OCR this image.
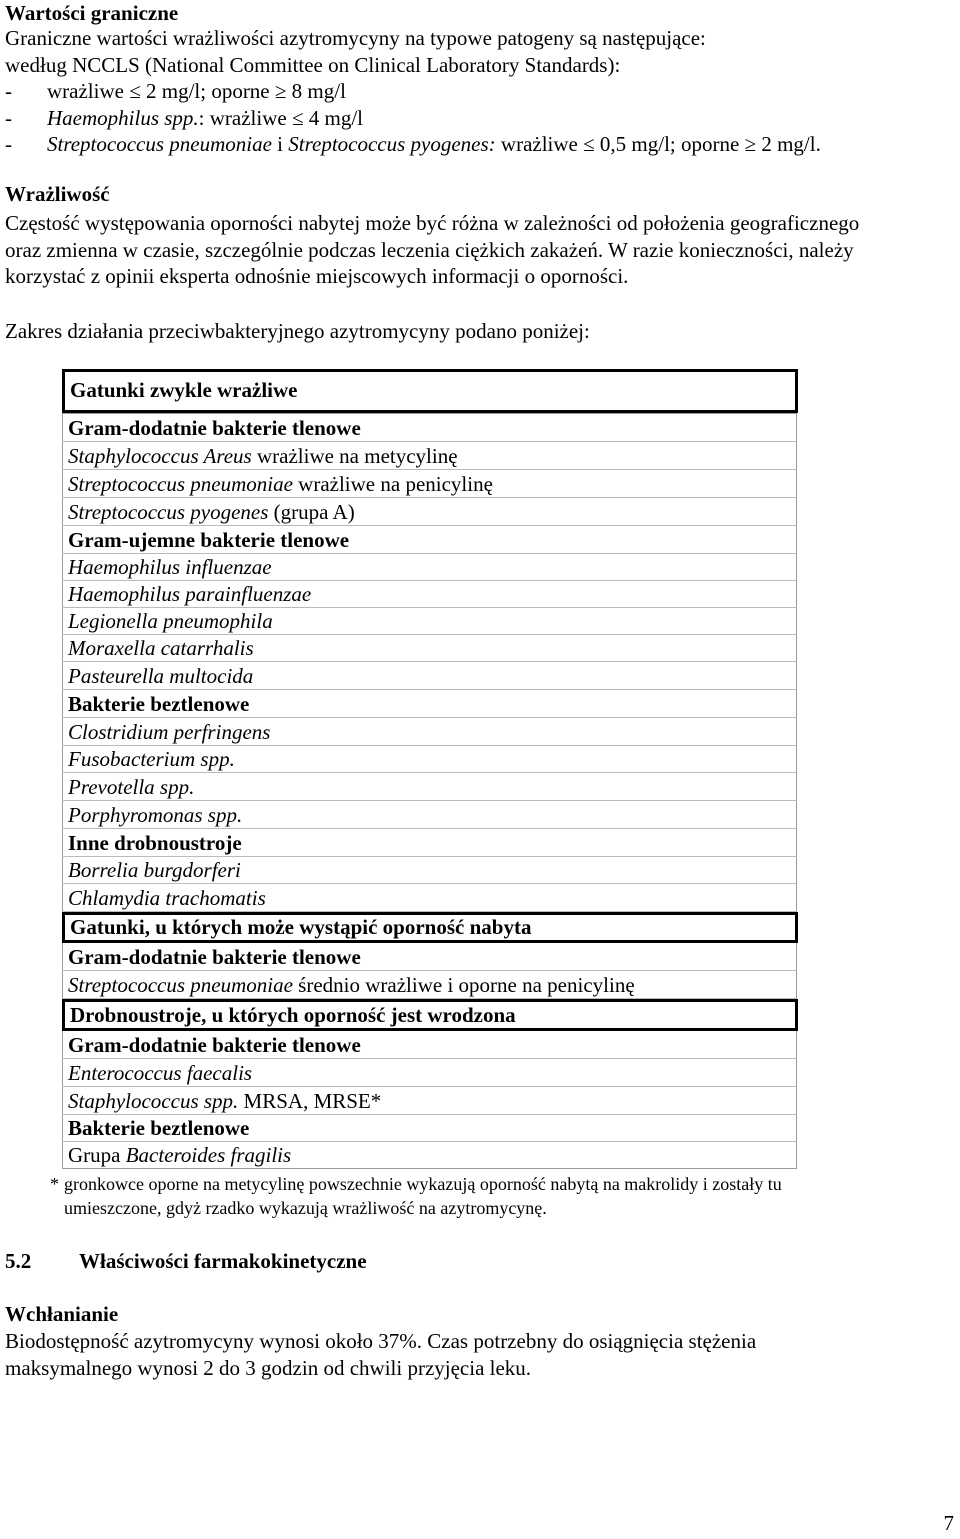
Wartości graniczne
Graniczne wartości wrażliwości azytromycyny na typowe patogeny są następujące:
według NCCLS (National Committee on Clinical Laboratory Standards):
- wrażliwe ≤ 2 mg/l; oporne ≥ 8 mg/l
- Haemophilus spp.: wrażliwe ≤ 4 mg/l
- Streptococcus pneumoniae i Streptococcus pyogenes: wrażliwe ≤ 0,5 mg/l; oporne ≥ 2 mg/l.
Wrażliwość
Częstość występowania oporności nabytej może być różna w zależności od położenia geograficznego
oraz zmienna w czasie, szczególnie podczas leczenia ciężkich zakażeń. W razie konieczności, należy
korzystać z opinii eksperta odnośnie miejscowych informacji o oporności.
Zakres działania przeciwbakteryjnego azytromycyny podano poniżej:
Gatunki zwykle wrażliwe
Gram-dodatnie bakterie tlenowe
Staphylococcus Areus wrażliwe na metycylinę
Streptococcus pneumoniae wrażliwe na penicylinę
Streptococcus pyogenes (grupa A)
Gram-ujemne bakterie tlenowe
Haemophilus influenzae
Haemophilus parainfluenzae
Legionella pneumophila
Moraxella catarrhalis
Pasteurella multocida
Bakterie beztlenowe
Clostridium perfringens
Fusobacterium spp.
Prevotella spp.
Porphyromonas spp.
Inne drobnoustroje
Borrelia burgdorferi
Chlamydia trachomatis
Gatunki, u których może wystąpić oporność nabyta
Gram-dodatnie bakterie tlenowe
Streptococcus pneumoniae średnio wrażliwe i oporne na penicylinę
Drobnoustroje, u których oporność jest wrodzona
Gram-dodatnie bakterie tlenowe
Enterococcus faecalis
Staphylococcus spp. MRSA, MRSE*
Bakterie beztlenowe
Grupa Bacteroides fragilis
* gronkowce oporne na metycylinę powszechnie wykazują oporność nabytą na makrolidy i zostały tu
umieszczone, gdyż rzadko wykazują wrażliwość na azytromycynę.
5.2 Właściwości farmakokinetyczne
Wchłanianie
Biodostępność azytromycyny wynosi około 37%. Czas potrzebny do osiągnięcia stężenia
maksymalnego wynosi 2 do 3 godzin od chwili przyjęcia leku.
7
